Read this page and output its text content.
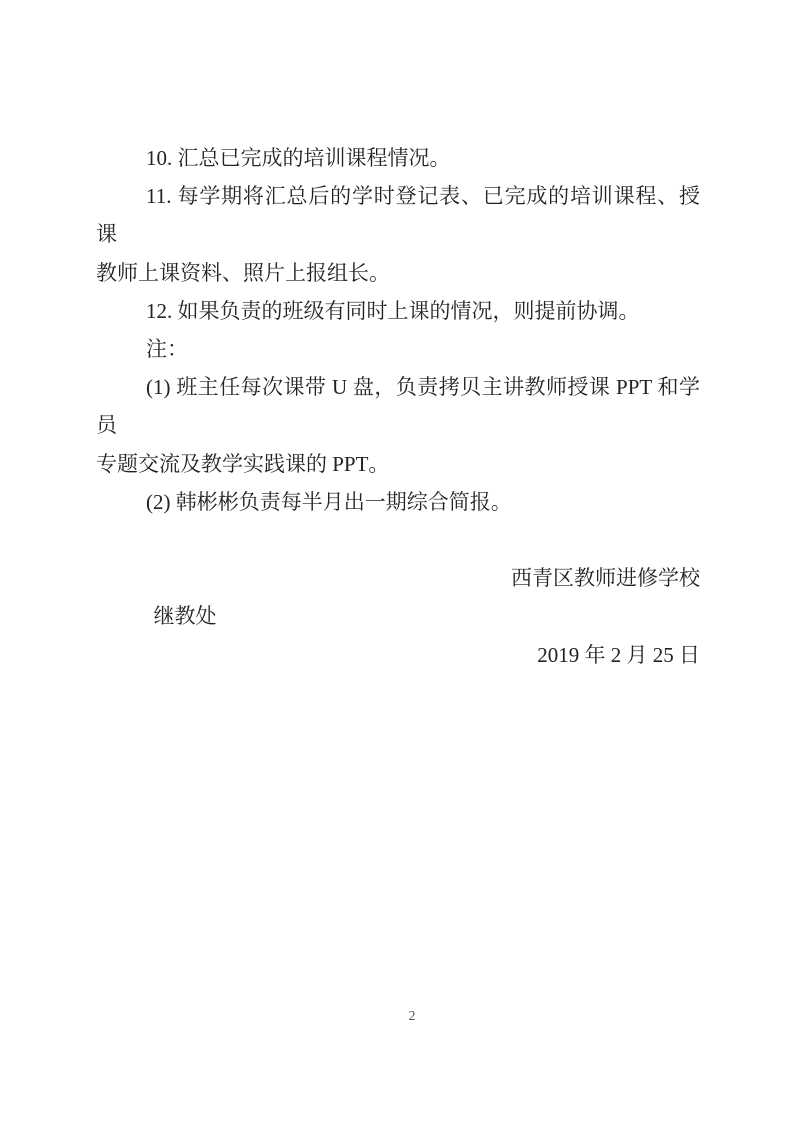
10. 汇总已完成的培训课程情况。

11. 每学期将汇总后的学时登记表、已完成的培训课程、授课

教师上课资料、照片上报组长。

12. 如果负责的班级有同时上课的情况，则提前协调。

注：

(1) 班主任每次课带 U 盘，负责拷贝主讲教师授课 PPT 和学员

专题交流及教学实践课的 PPT。

(2) 韩彬彬负责每半月出一期综合简报。

西青区教师进修学校

继教处

2019 年 2 月 25 日

2
